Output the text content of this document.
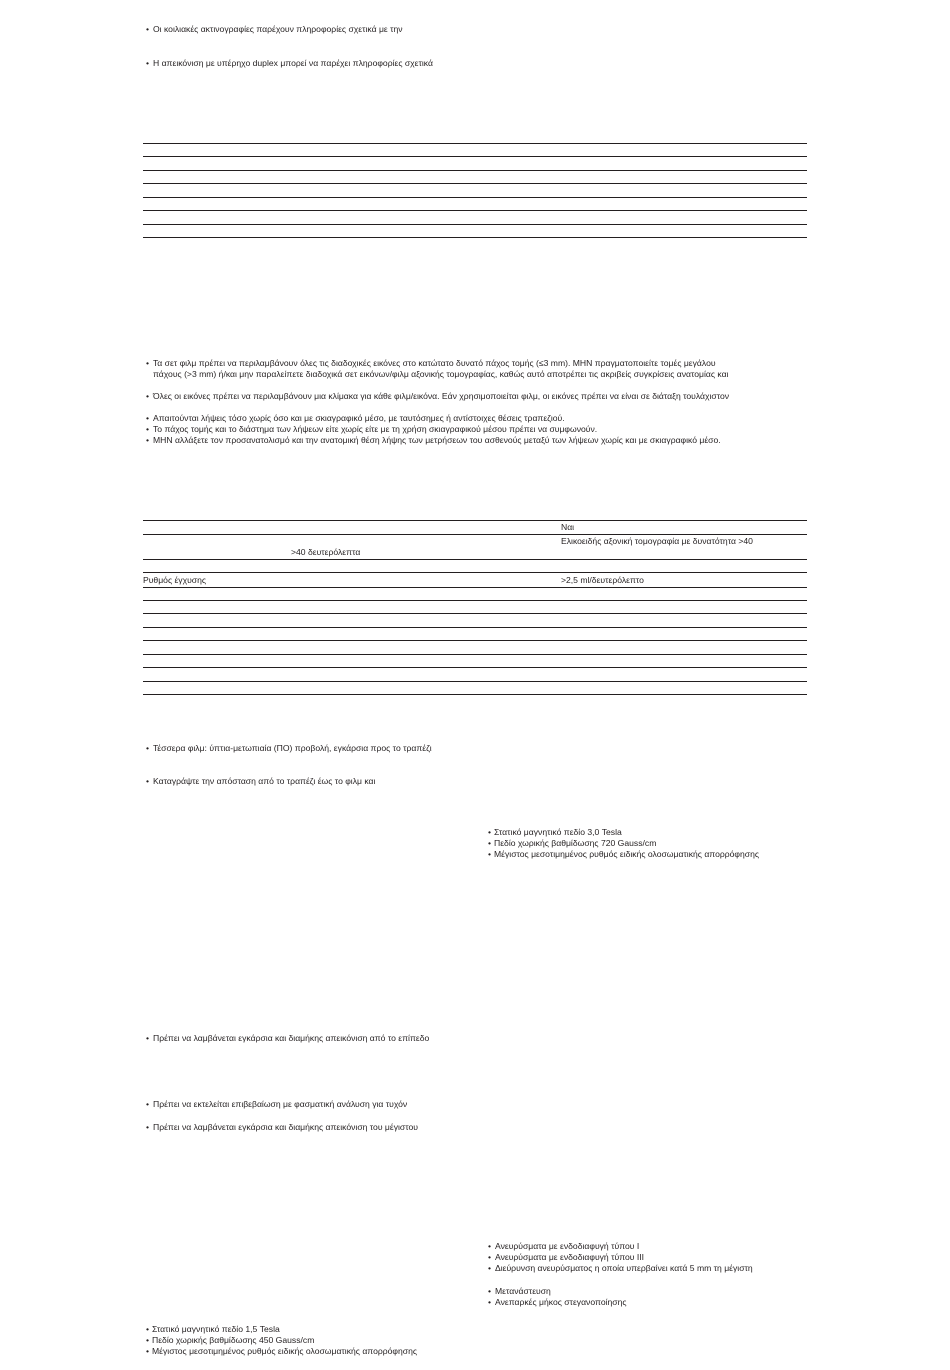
• Οι κοιλιακές ακτινογραφίες παρέχουν πληροφορίες σχετικά με την
• Η απεικόνιση με υπέρηχο duplex μπορεί να παρέχει πληροφορίες σχετικά
• Τα σετ φιλμ πρέπει να περιλαμβάνουν όλες τις διαδοχικές εικόνες στο κατώτατο δυνατό πάχος τομής (≤3 mm). ΜΗΝ πραγματοποιείτε τομές μεγάλου
πάχους (>3 mm) ή/και μην παραλείπετε διαδοχικά σετ εικόνων/φιλμ αξονικής τομογραφίας, καθώς αυτό αποτρέπει τις ακριβείς συγκρίσεις ανατομίας και
• Όλες οι εικόνες πρέπει να περιλαμβάνουν μια κλίμακα για κάθε φιλμ/εικόνα. Εάν χρησιμοποιείται φιλμ, οι εικόνες πρέπει να είναι σε διάταξη τουλάχιστον
• Απαιτούνται λήψεις τόσο χωρίς όσο και με σκιαγραφικό μέσο, με ταυτόσημες ή αντίστοιχες θέσεις τραπεζιού.
• Το πάχος τομής και το διάστημα των λήψεων είτε χωρίς είτε με τη χρήση σκιαγραφικού μέσου πρέπει να συμφωνούν.
• ΜΗΝ αλλάξετε τον προσανατολισμό και την ανατομική θέση λήψης των μετρήσεων του ασθενούς μεταξύ των λήψεων χωρίς και με σκιαγραφικό μέσο.
Ναι
Ελικοειδής αξονική τομογραφία με δυνατότητα >40
>40 δευτερόλεπτα
Ρυθμός έγχυσης	>2,5 ml/δευτερόλεπτο
• Τέσσερα φιλμ: ύπτια-μετωπιαία (ΠΟ) προβολή, εγκάρσια προς το τραπέζι
• Καταγράψτε την απόσταση από το τραπέζι έως το φιλμ και
• Στατικό μαγνητικό πεδίο 3,0 Tesla
• Πεδίο χωρικής βαθμίδωσης 720 Gauss/cm
• Μέγιστος μεσοτιμημένος ρυθμός ειδικής ολοσωματικής απορρόφησης
• Πρέπει να λαμβάνεται εγκάρσια και διαμήκης απεικόνιση από το επίπεδο
• Πρέπει να εκτελείται επιβεβαίωση με φασματική ανάλυση για τυχόν
• Πρέπει να λαμβάνεται εγκάρσια και διαμήκης απεικόνιση του μέγιστου
• Ανευρύσματα με ενδοδιαφυγή τύπου I
• Ανευρύσματα με ενδοδιαφυγή τύπου III
• Διεύρυνση ανευρύσματος η οποία υπερβαίνει κατά 5 mm τη μέγιστη
• Μετανάστευση
• Ανεπαρκές μήκος στεγανοποίησης
• Στατικό μαγνητικό πεδίο 1,5 Tesla
• Πεδίο χωρικής βαθμίδωσης 450 Gauss/cm
• Μέγιστος μεσοτιμημένος ρυθμός ειδικής ολοσωματικής απορρόφησης
